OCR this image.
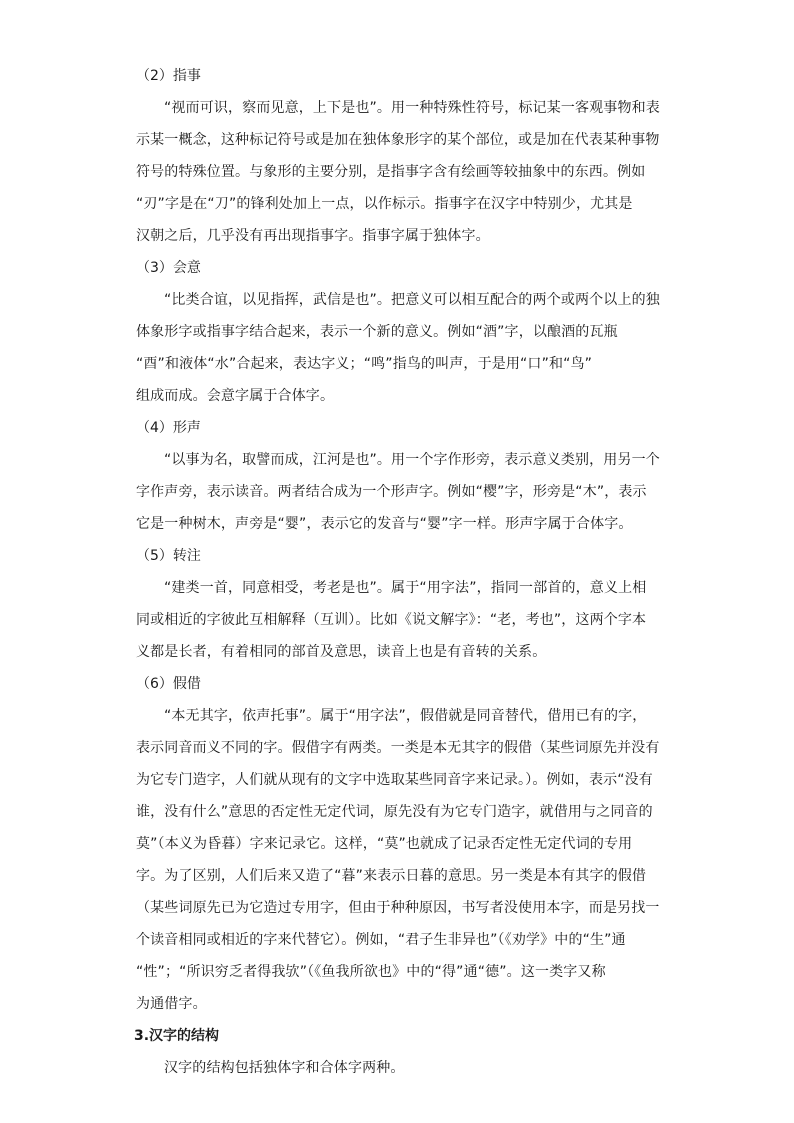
（2）指事
“视而可识，察而见意，上下是也”。用一种特殊性符号，标记某一客观事物和表
示某一概念，这种标记符号或是加在独体象形字的某个部位，或是加在代表某种事物
符号的特殊位置。与象形的主要分别，是指事字含有绘画等较抽象中的东西。例如
“刃”字是在“刀”的锋利处加上一点，以作标示。指事字在汉字中特别少，尤其是
汉朝之后，几乎没有再出现指事字。指事字属于独体字。
（3）会意
“比类合谊，以见指挥，武信是也”。把意义可以相互配合的两个或两个以上的独
体象形字或指事字结合起来，表示一个新的意义。例如“酒”字，以酿酒的瓦瓶
“酉”和液体“水”合起来，表达字义；“鸣”指鸟的叫声，于是用“口”和“鸟”
组成而成。会意字属于合体字。
（4）形声
“以事为名，取譬而成，江河是也”。用一个字作形旁，表示意义类别，用另一个
字作声旁，表示读音。两者结合成为一个形声字。例如“樱”字，形旁是“木”，表示
它是一种树木，声旁是“婴”，表示它的发音与“婴”字一样。形声字属于合体字。
（5）转注
“建类一首，同意相受，考老是也”。属于“用字法”，指同一部首的，意义上相
同或相近的字彼此互相解释（互训）。比如《说文解字》：“老，考也”，这两个字本
义都是长者，有着相同的部首及意思，读音上也是有音转的关系。
（6）假借
“本无其字，依声托事”。属于“用字法”，假借就是同音替代，借用已有的字，
表示同音而义不同的字。假借字有两类。一类是本无其字的假借（某些词原先并没有
为它专门造字，人们就从现有的文字中选取某些同音字来记录。）。例如，表示“没有
谁，没有什么”意思的否定性无定代词，原先没有为它专门造字，就借用与之同音的
莫”（本义为昏暮）字来记录它。这样，“莫”也就成了记录否定性无定代词的专用
字。为了区别，人们后来又造了“暮”来表示日暮的意思。另一类是本有其字的假借
（某些词原先已为它造过专用字，但由于种种原因，书写者没使用本字，而是另找一
个读音相同或相近的字来代替它）。例如，“君子生非异也”（《劝学》中的“生”通
“性”；“所识穷乏者得我欤”（《鱼我所欲也》中的“得”通“德”。这一类字又称
为通借字。
3.汉字的结构
汉字的结构包括独体字和合体字两种。
